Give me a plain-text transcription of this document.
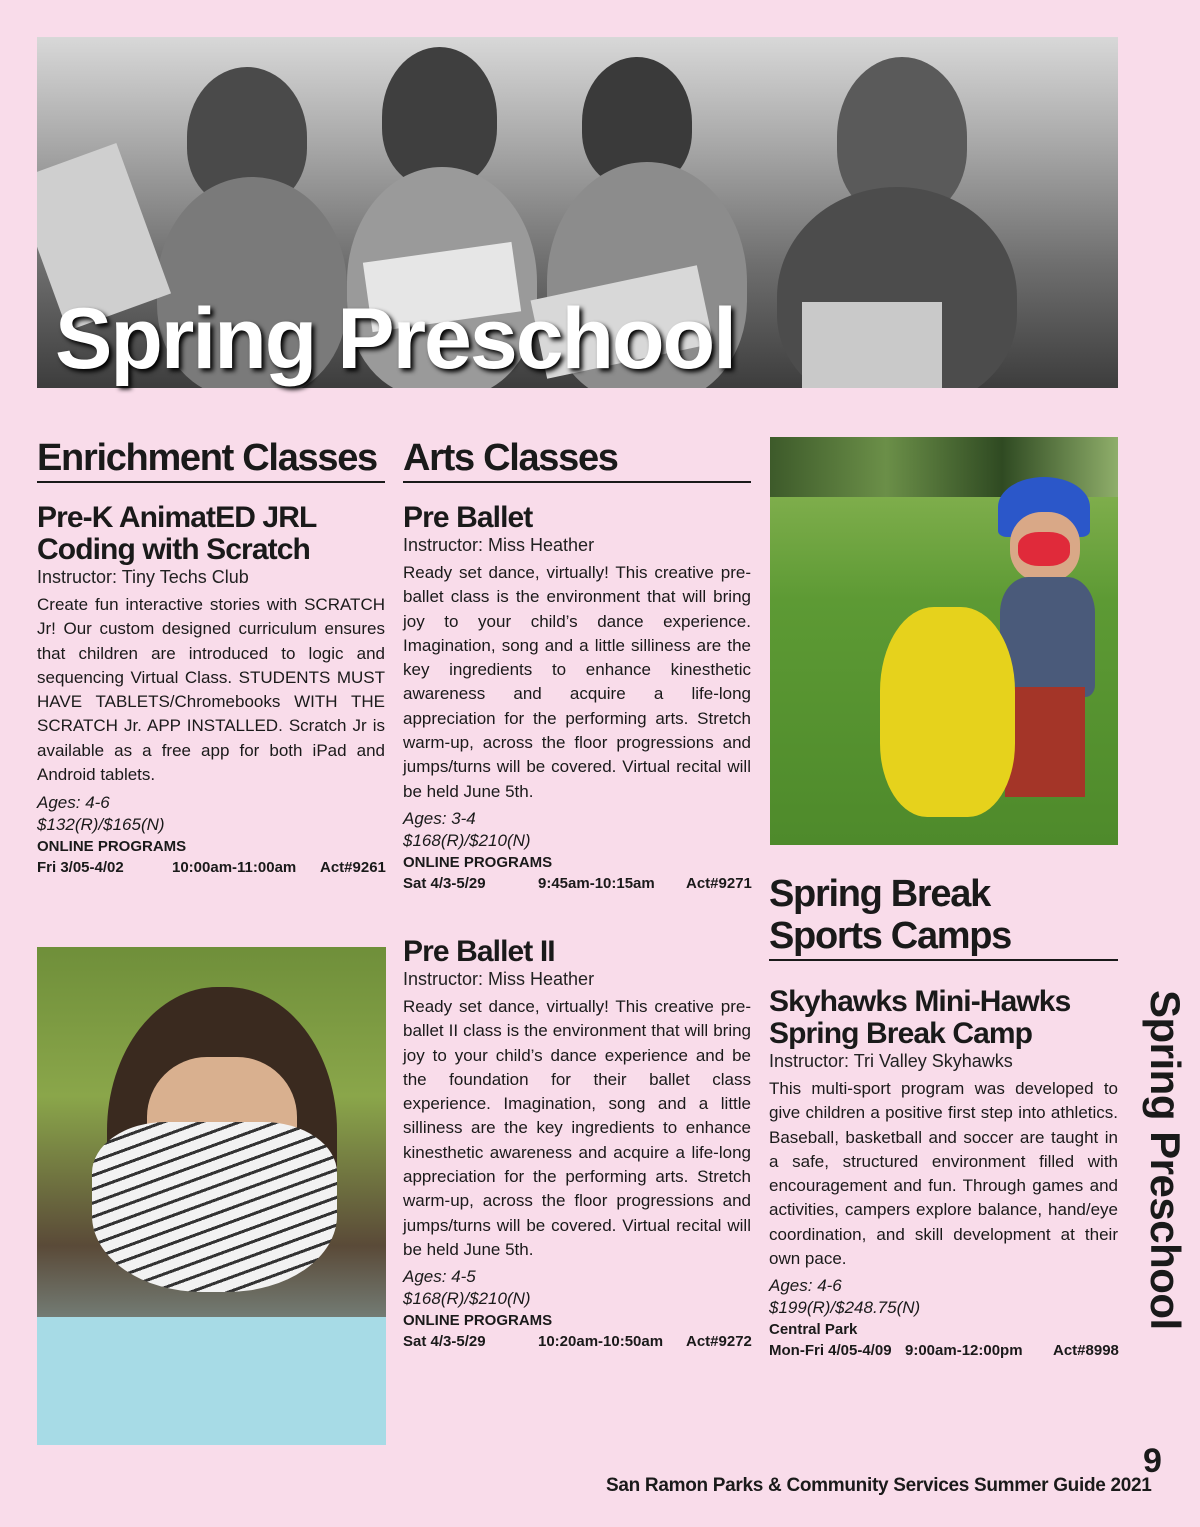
Spring Preschool
Enrichment Classes
Pre-K AnimatED JRL
Coding with Scratch
Instructor: Tiny Techs Club
Create fun interactive stories with SCRATCH Jr! Our custom designed curriculum ensures that children are introduced to logic and sequencing Virtual Class. STUDENTS MUST HAVE TABLETS/Chromebooks WITH THE SCRATCH Jr. APP INSTALLED. Scratch Jr is available as a free app for both iPad and Android tablets.
Ages: 4-6
$132(R)/$165(N)
ONLINE PROGRAMS
Fri 3/05-4/02	10:00am-11:00am Act#9261
Arts Classes
Pre Ballet
Instructor: Miss Heather
Ready set dance, virtually! This creative pre-ballet class is the environment that will bring joy to your child’s dance experience. Imagination, song and a little silliness are the key ingredients to enhance kinesthetic awareness and acquire a life-long appreciation for the performing arts. Stretch warm-up, across the floor progressions and jumps/turns will be covered. Virtual recital will be held June 5th.
Ages: 3-4
$168(R)/$210(N)
ONLINE PROGRAMS
Sat 4/3-5/29	9:45am-10:15am Act#9271
Pre Ballet II
Instructor: Miss Heather
Ready set dance, virtually! This creative pre-ballet II class is the environment that will bring joy to your child’s dance experience and be the foundation for their ballet class experience. Imagination, song and a little silliness are the key ingredients to enhance kinesthetic awareness and acquire a life-long appreciation for the performing arts. Stretch warm-up, across the floor progressions and jumps/turns will be covered. Virtual recital will be held June 5th.
Ages: 4-5
$168(R)/$210(N)
ONLINE PROGRAMS
Sat 4/3-5/29	10:20am-10:50am Act#9272
Spring Break
Sports Camps
Skyhawks Mini-Hawks
Spring Break Camp
Instructor: Tri Valley Skyhawks
This multi-sport program was developed to give children a positive first step into athletics. Baseball, basketball and soccer are taught in a safe, structured environment filled with encouragement and fun. Through games and activities, campers explore balance, hand/eye coordination, and skill development at their own pace.
Ages: 4-6
$199(R)/$248.75(N)
Central Park
Mon-Fri 4/05-4/09 9:00am-12:00pm Act#8998
Spring Preschool
9
San Ramon Parks & Community Services Summer Guide 2021
